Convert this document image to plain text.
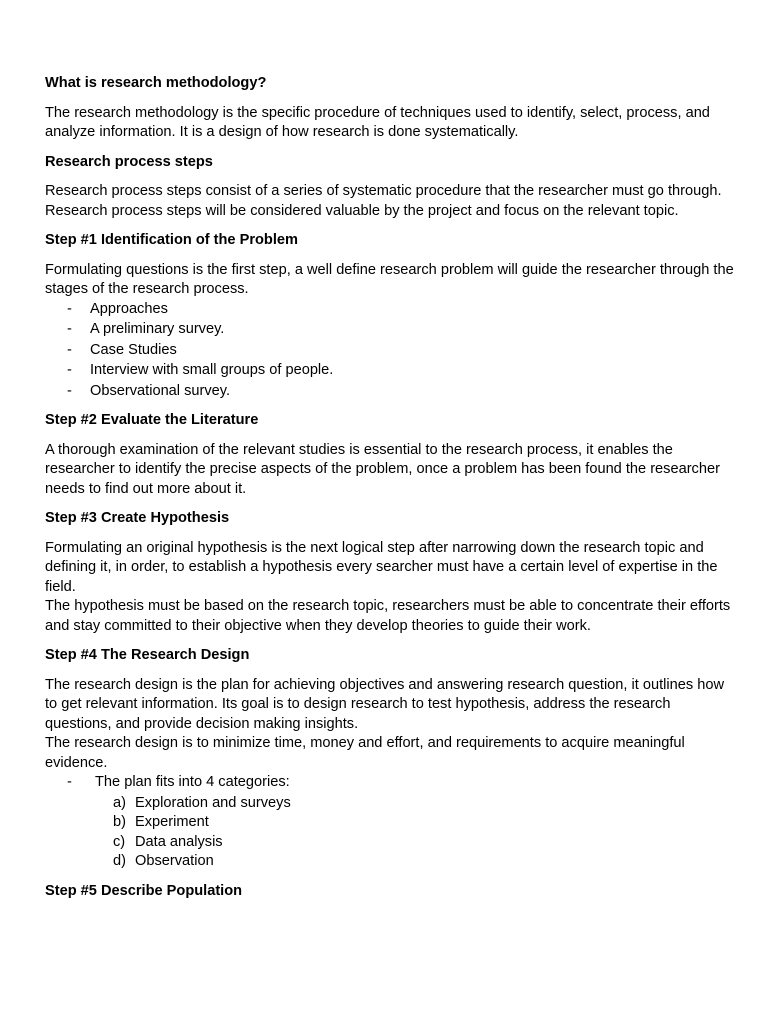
What is research methodology?
The research methodology is the specific procedure of techniques used to identify, select, process, and analyze information. It is a design of how research is done systematically.
Research process steps
Research process steps consist of a series of systematic procedure that the researcher must go through. Research process steps will be considered valuable by the project and focus on the relevant topic.
Step #1 Identification of the Problem
Formulating questions is the first step, a well define research problem will guide the researcher through the stages of the research process.
- Approaches
- A preliminary survey.
- Case Studies
- Interview with small groups of people.
- Observational survey.
Step #2 Evaluate the Literature
A thorough examination of the relevant studies is essential to the research process, it enables the researcher to identify the precise aspects of the problem, once a problem has been found the researcher needs to find out more about it.
Step #3 Create Hypothesis
Formulating an original hypothesis is the next logical step after narrowing down the research topic and defining it, in order, to establish a hypothesis every searcher must have a certain level of expertise in the field.
The hypothesis must be based on the research topic, researchers must be able to concentrate their efforts and stay committed to their objective when they develop theories to guide their work.
Step #4 The Research Design
The research design is the plan for achieving objectives and answering research question, it outlines how to get relevant information. Its goal is to design research to test hypothesis, address the research questions, and provide decision making insights.
The research design is to minimize time, money and effort, and requirements to acquire meaningful evidence.
- The plan fits into 4 categories:
a) Exploration and surveys
b) Experiment
c) Data analysis
d) Observation
Step #5 Describe Population
